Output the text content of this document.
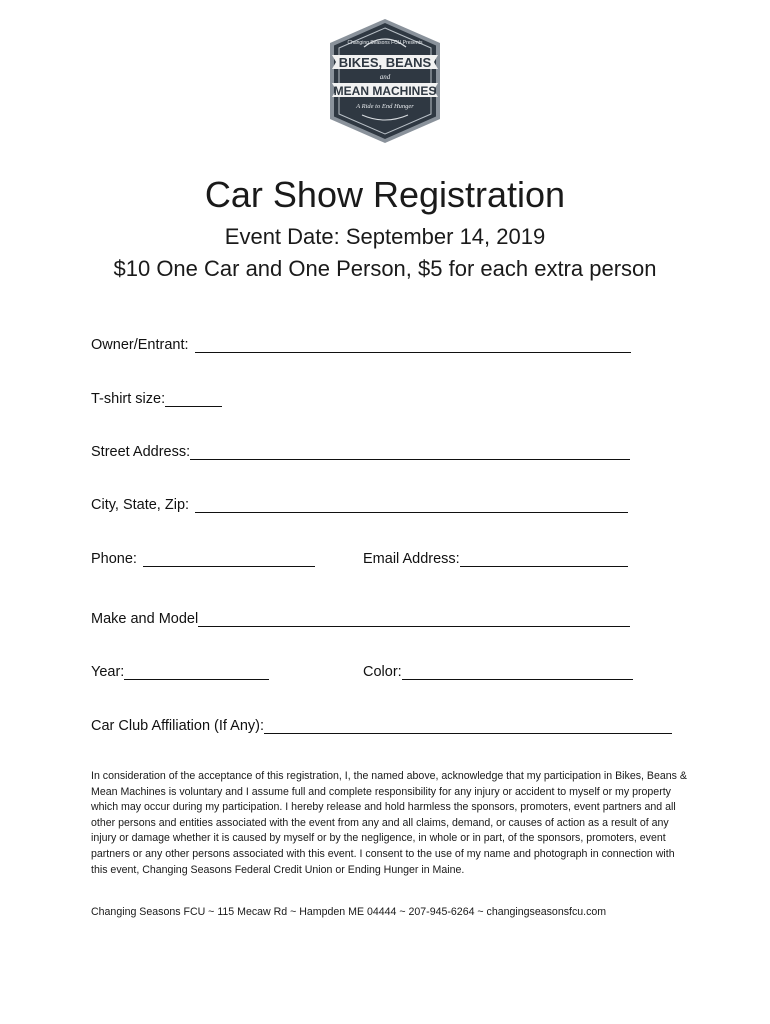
Changing Seasons FCU Presents
BIKES, BEANS
and
MEAN MACHINES
A Ride to End Hunger
Car Show Registration
Event Date: September 14, 2019
$10 One Car and One Person, $5 for each extra person
Owner/Entrant:
T-shirt size:
Street Address:
City, State, Zip:
Phone:	Email Address:
Make and Model
Year:	Color:
Car Club Affiliation (If Any):
In consideration of the acceptance of this registration, I, the named above, acknowledge that my participation in Bikes, Beans & Mean Machines is voluntary and I assume full and complete responsibility for any injury or accident to myself or my property which may occur during my participation. I hereby release and hold harmless the sponsors, promoters, event partners and all other persons and entities associated with the event from any and all claims, demand, or causes of action as a result of any injury or damage whether it is caused by myself or by the negligence, in whole or in part, of the sponsors, promoters, event partners or any other persons associated with this event. I consent to the use of my name and photograph in connection with this event, Changing Seasons Federal Credit Union or Ending Hunger in Maine.
Changing Seasons FCU ~ 115 Mecaw Rd ~ Hampden ME 04444 ~ 207-945-6264 ~ changingseasonsfcu.com
